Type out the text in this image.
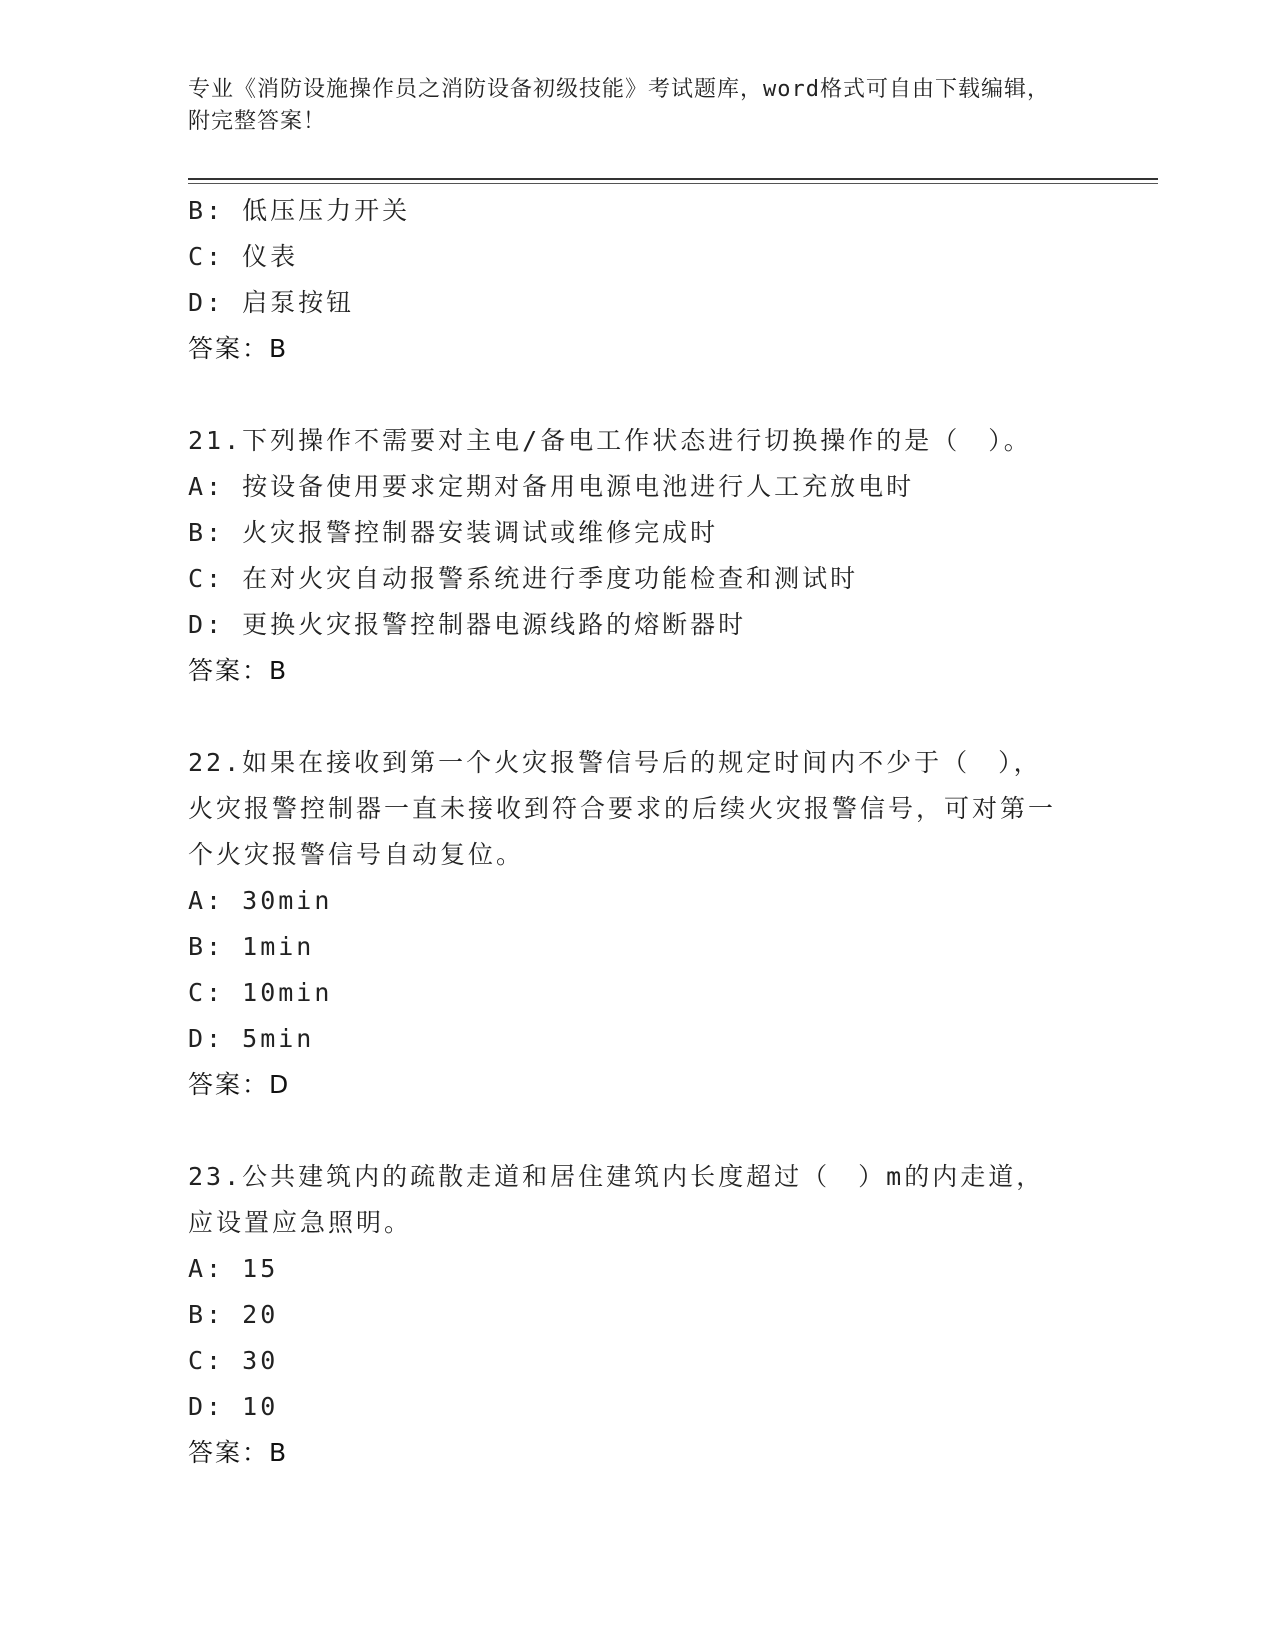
专业《消防设施操作员之消防设备初级技能》考试题库，word格式可自由下载编辑，附完整答案！
B: 低压压力开关
C: 仪表
D: 启泵按钮
答案：B
21.下列操作不需要对主电/备电工作状态进行切换操作的是（　）。
A: 按设备使用要求定期对备用电源电池进行人工充放电时
B: 火灾报警控制器安装调试或维修完成时
C: 在对火灾自动报警系统进行季度功能检查和测试时
D: 更换火灾报警控制器电源线路的熔断器时
答案：B
22.如果在接收到第一个火灾报警信号后的规定时间内不少于（　），火灾报警控制器一直未接收到符合要求的后续火灾报警信号，可对第一个火灾报警信号自动复位。
A: 30min
B: 1min
C: 10min
D: 5min
答案：D
23.公共建筑内的疏散走道和居住建筑内长度超过（　）m的内走道，应设置应急照明。
A: 15
B: 20
C: 30
D: 10
答案：B
